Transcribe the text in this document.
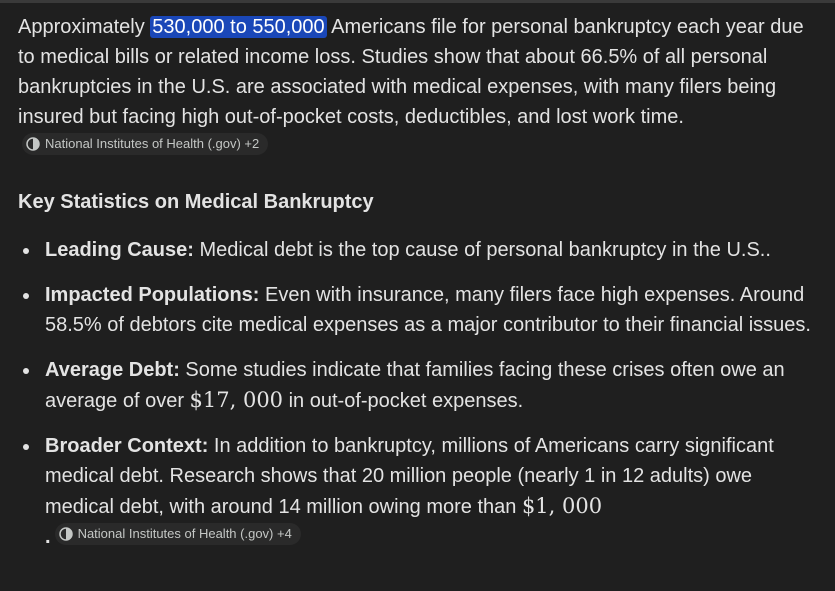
Approximately 530,000 to 550,000 Americans file for personal bankruptcy each year due to medical bills or related income loss. Studies show that about 66.5% of all personal bankruptcies in the U.S. are associated with medical expenses, with many filers being insured but facing high out-of-pocket costs, deductibles, and lost work time.
National Institutes of Health (.gov) +2

Key Statistics on Medical Bankruptcy
Leading Cause: Medical debt is the top cause of personal bankruptcy in the U.S..
Impacted Populations: Even with insurance, many filers face high expenses. Around 58.5% of debtors cite medical expenses as a major contributor to their financial issues.
Average Debt: Some studies indicate that families facing these crises often owe an average of over $17, 000 in out-of-pocket expenses.
Broader Context: In addition to bankruptcy, millions of Americans carry significant medical debt. Research shows that 20 million people (nearly 1 in 12 adults) owe medical debt, with around 14 million owing more than $1, 000
. National Institutes of Health (.gov) +4
